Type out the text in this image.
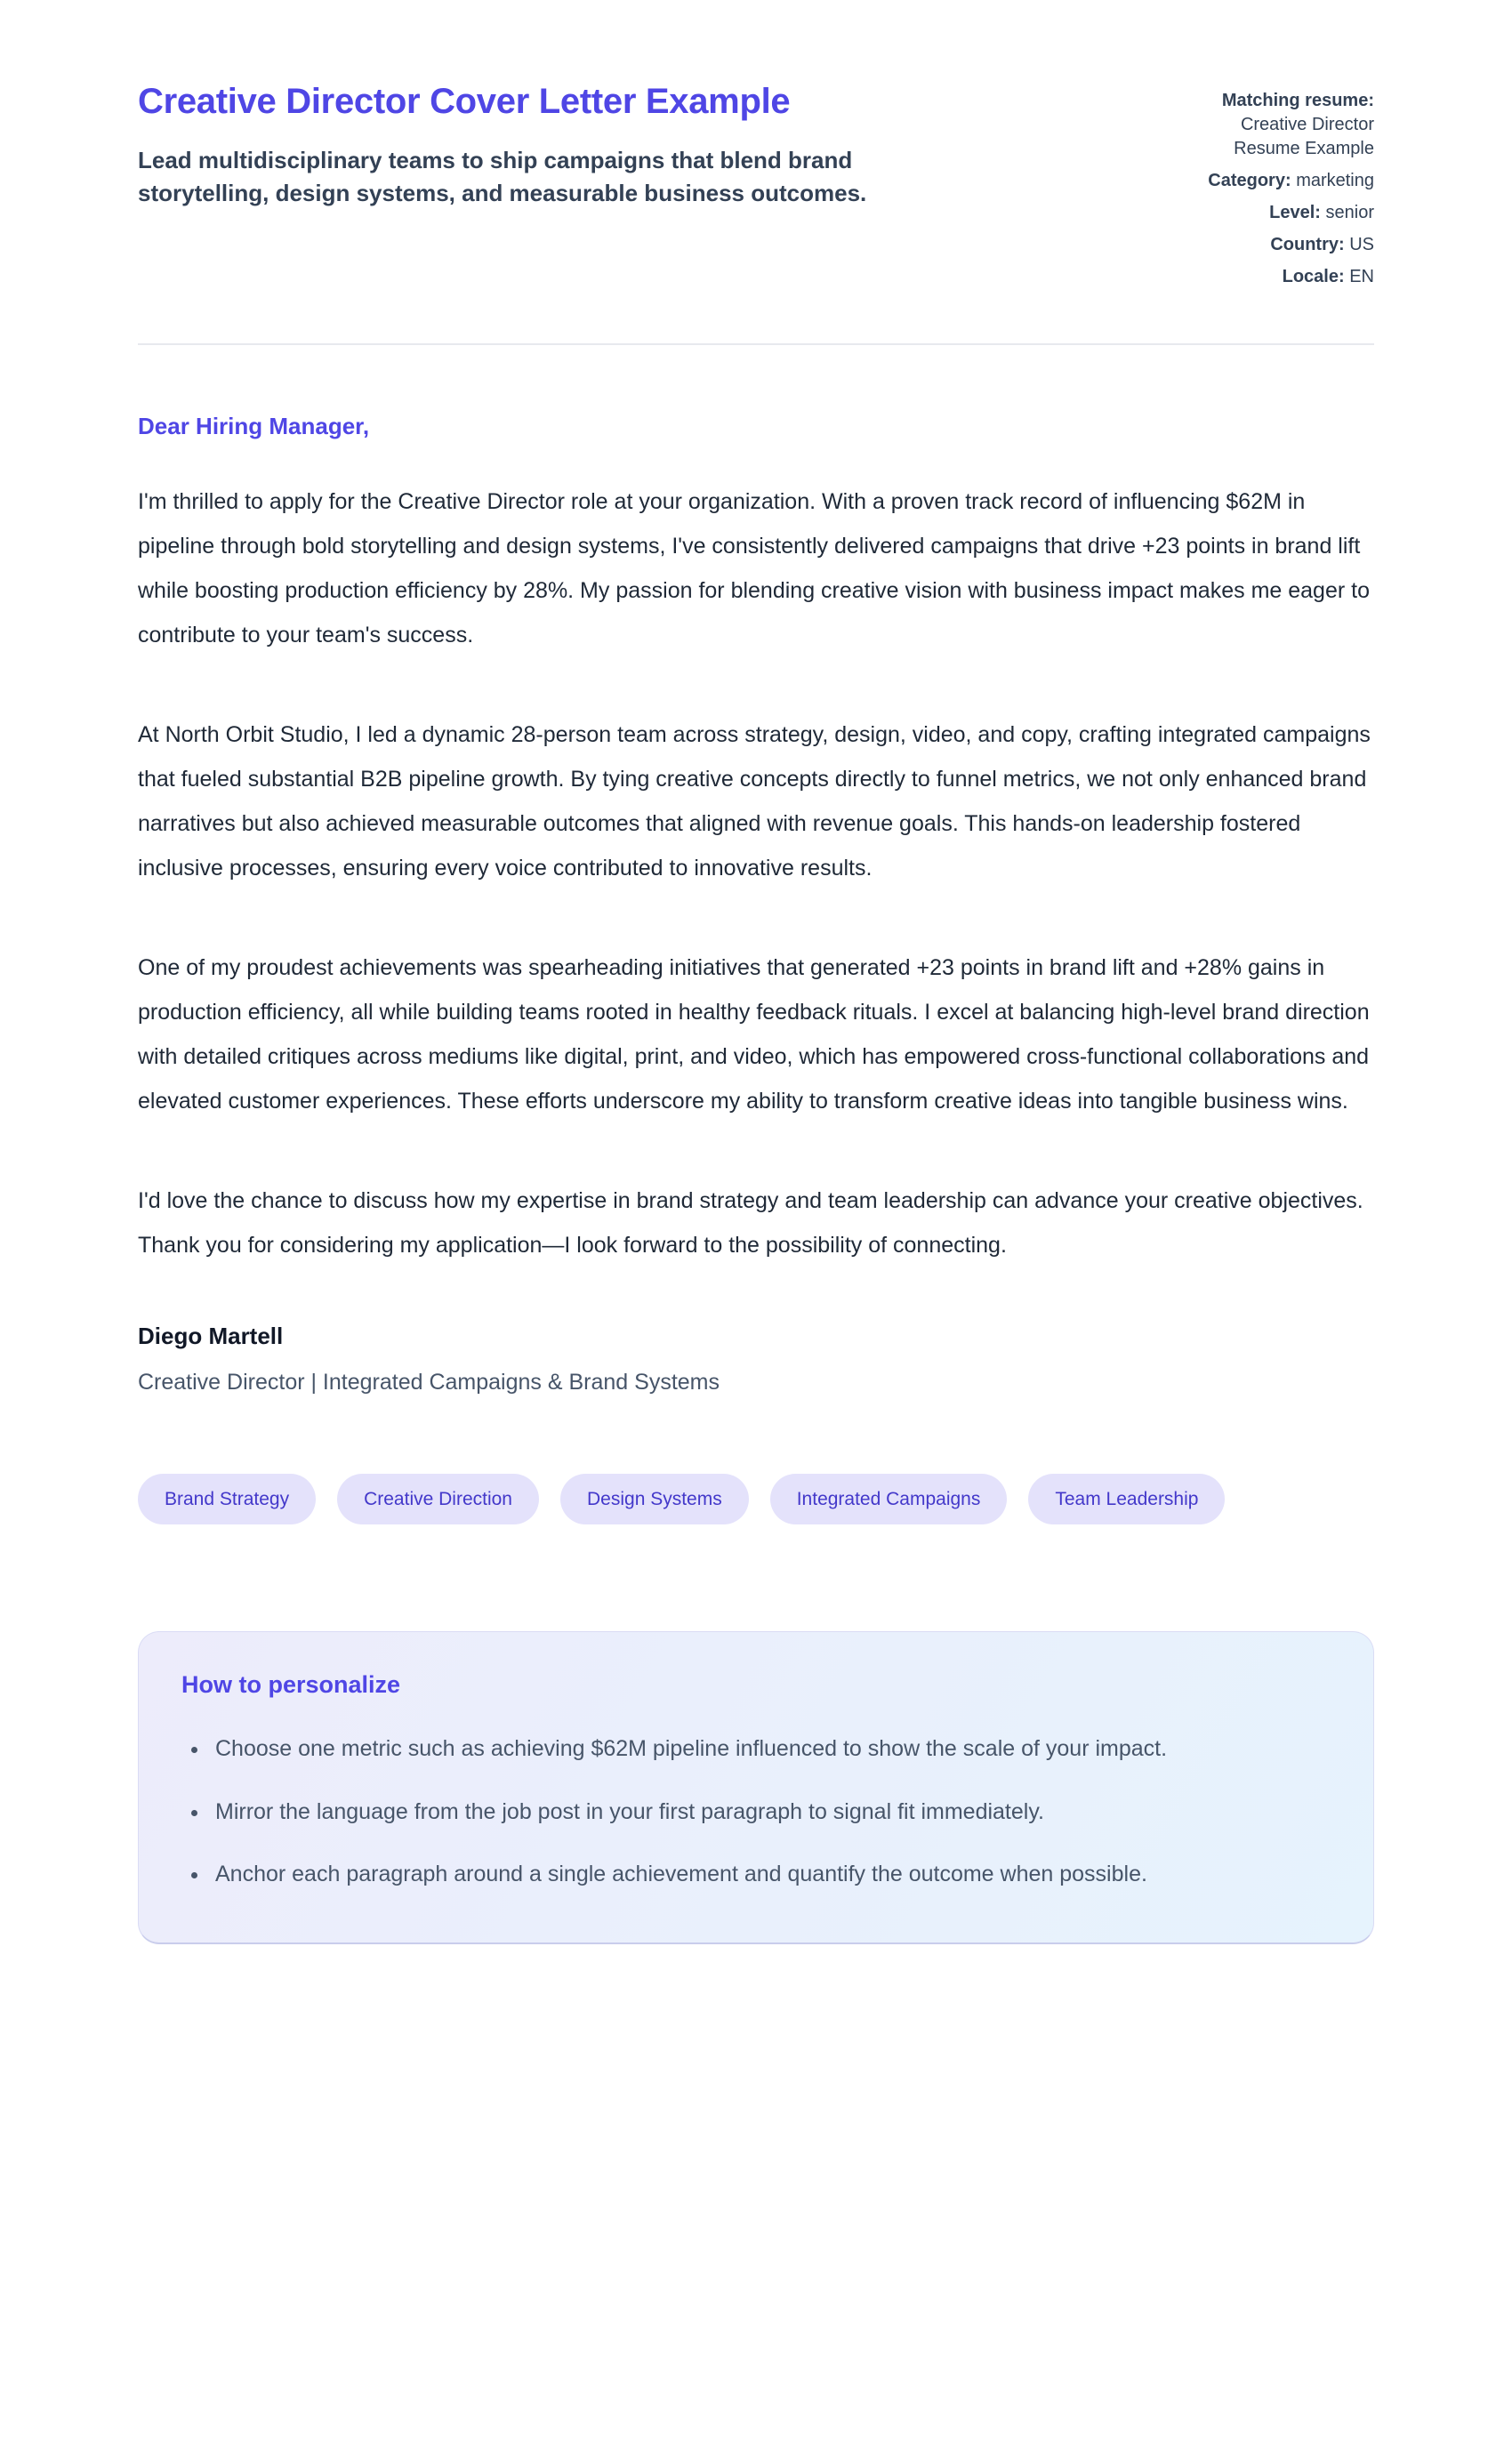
Creative Director Cover Letter Example

Lead multidisciplinary teams to ship campaigns that blend brand storytelling, design systems, and measurable business outcomes.

Matching resume: Creative Director Resume Example
Category: marketing
Level: senior
Country: US
Locale: EN
Dear Hiring Manager,

I'm thrilled to apply for the Creative Director role at your organization. With a proven track record of influencing $62M in pipeline through bold storytelling and design systems, I've consistently delivered campaigns that drive +23 points in brand lift while boosting production efficiency by 28%. My passion for blending creative vision with business impact makes me eager to contribute to your team's success.

At North Orbit Studio, I led a dynamic 28-person team across strategy, design, video, and copy, crafting integrated campaigns that fueled substantial B2B pipeline growth. By tying creative concepts directly to funnel metrics, we not only enhanced brand narratives but also achieved measurable outcomes that aligned with revenue goals. This hands-on leadership fostered inclusive processes, ensuring every voice contributed to innovative results.

One of my proudest achievements was spearheading initiatives that generated +23 points in brand lift and +28% gains in production efficiency, all while building teams rooted in healthy feedback rituals. I excel at balancing high-level brand direction with detailed critiques across mediums like digital, print, and video, which has empowered cross-functional collaborations and elevated customer experiences. These efforts underscore my ability to transform creative ideas into tangible business wins.

I'd love the chance to discuss how my expertise in brand strategy and team leadership can advance your creative objectives. Thank you for considering my application—I look forward to the possibility of connecting.

Diego Martell

Creative Director | Integrated Campaigns & Brand Systems

Brand Strategy	Creative Direction	Design Systems	Integrated Campaigns	Team Leadership
How to personalize
• Choose one metric such as achieving $62M pipeline influenced to show the scale of your impact.
• Mirror the language from the job post in your first paragraph to signal fit immediately.
• Anchor each paragraph around a single achievement and quantify the outcome when possible.
